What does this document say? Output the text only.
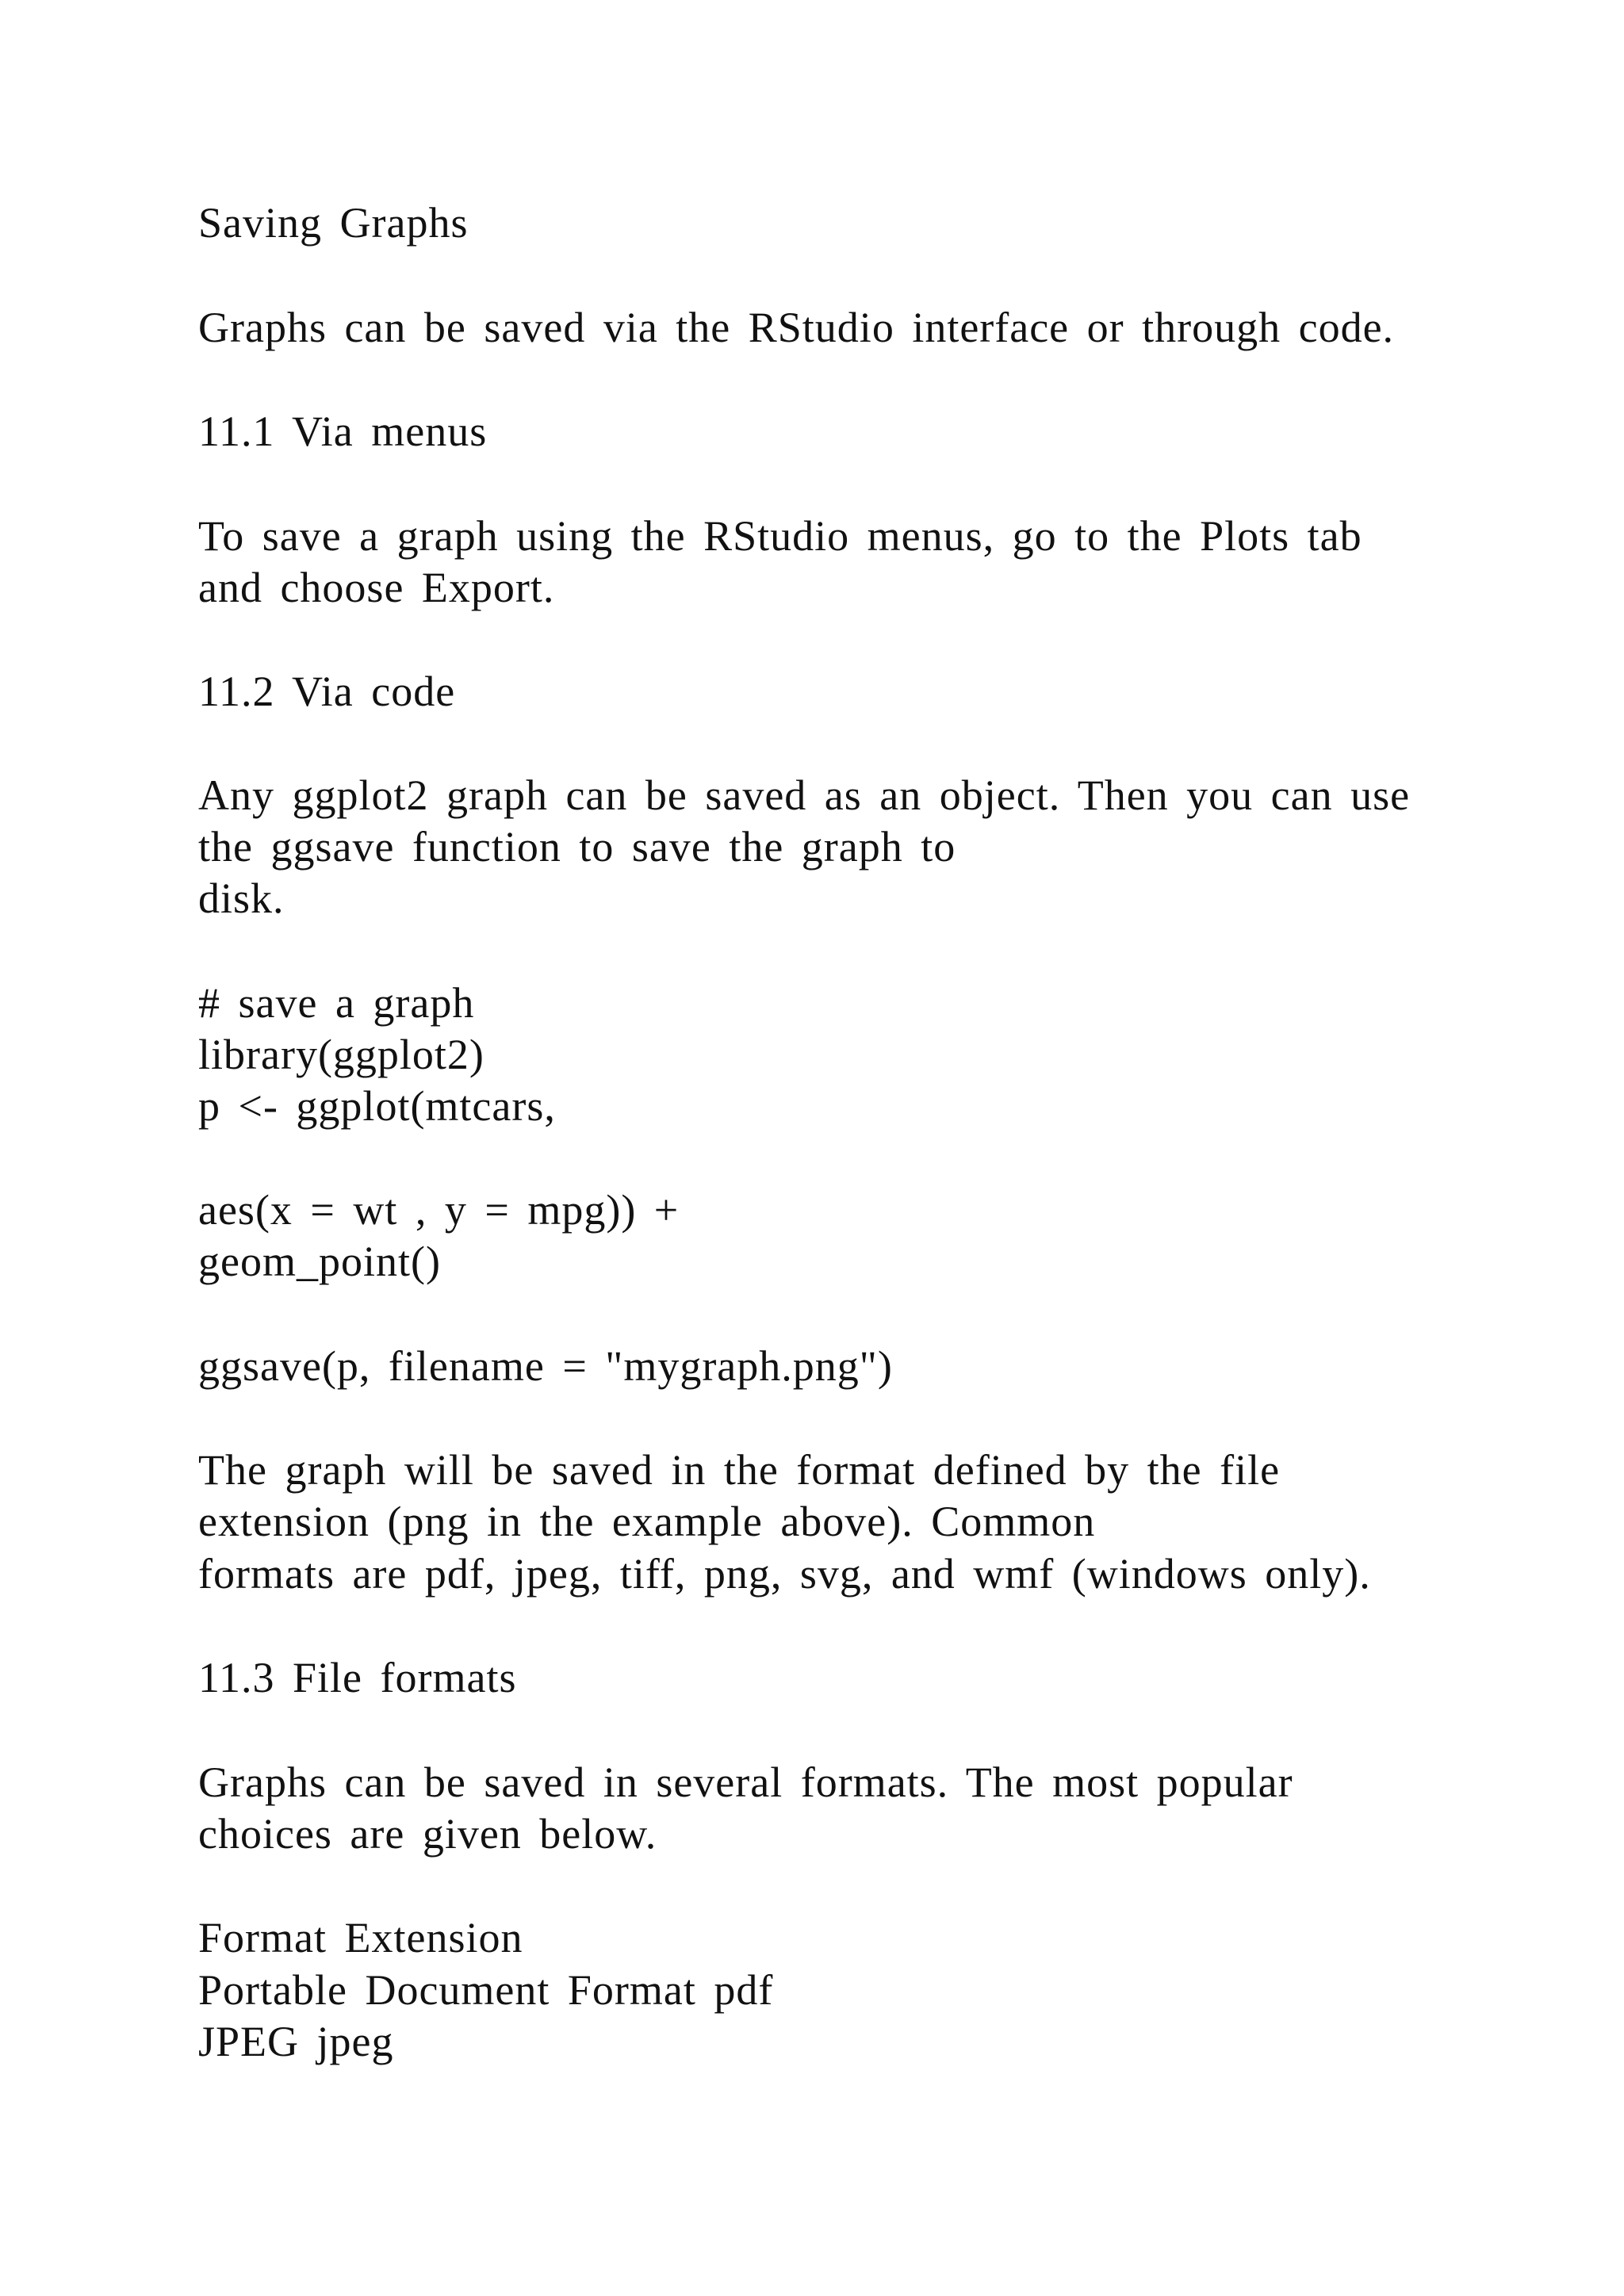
Saving Graphs
Graphs can be saved via the RStudio interface or through code.
11.1 Via menus
To save a graph using the RStudio menus, go to the Plots tab
and choose Export.
11.2 Via code
Any ggplot2 graph can be saved as an object. Then you can use
the ggsave function to save the graph to
disk.
# save a graph
library(ggplot2)
p <- ggplot(mtcars,
aes(x = wt , y = mpg)) +
geom_point()
ggsave(p, filename = "mygraph.png")
The graph will be saved in the format defined by the file
extension (png in the example above). Common
formats are pdf, jpeg, tiff, png, svg, and wmf (windows only).
11.3 File formats
Graphs can be saved in several formats. The most popular
choices are given below.
Format Extension
Portable Document Format pdf
JPEG jpeg
